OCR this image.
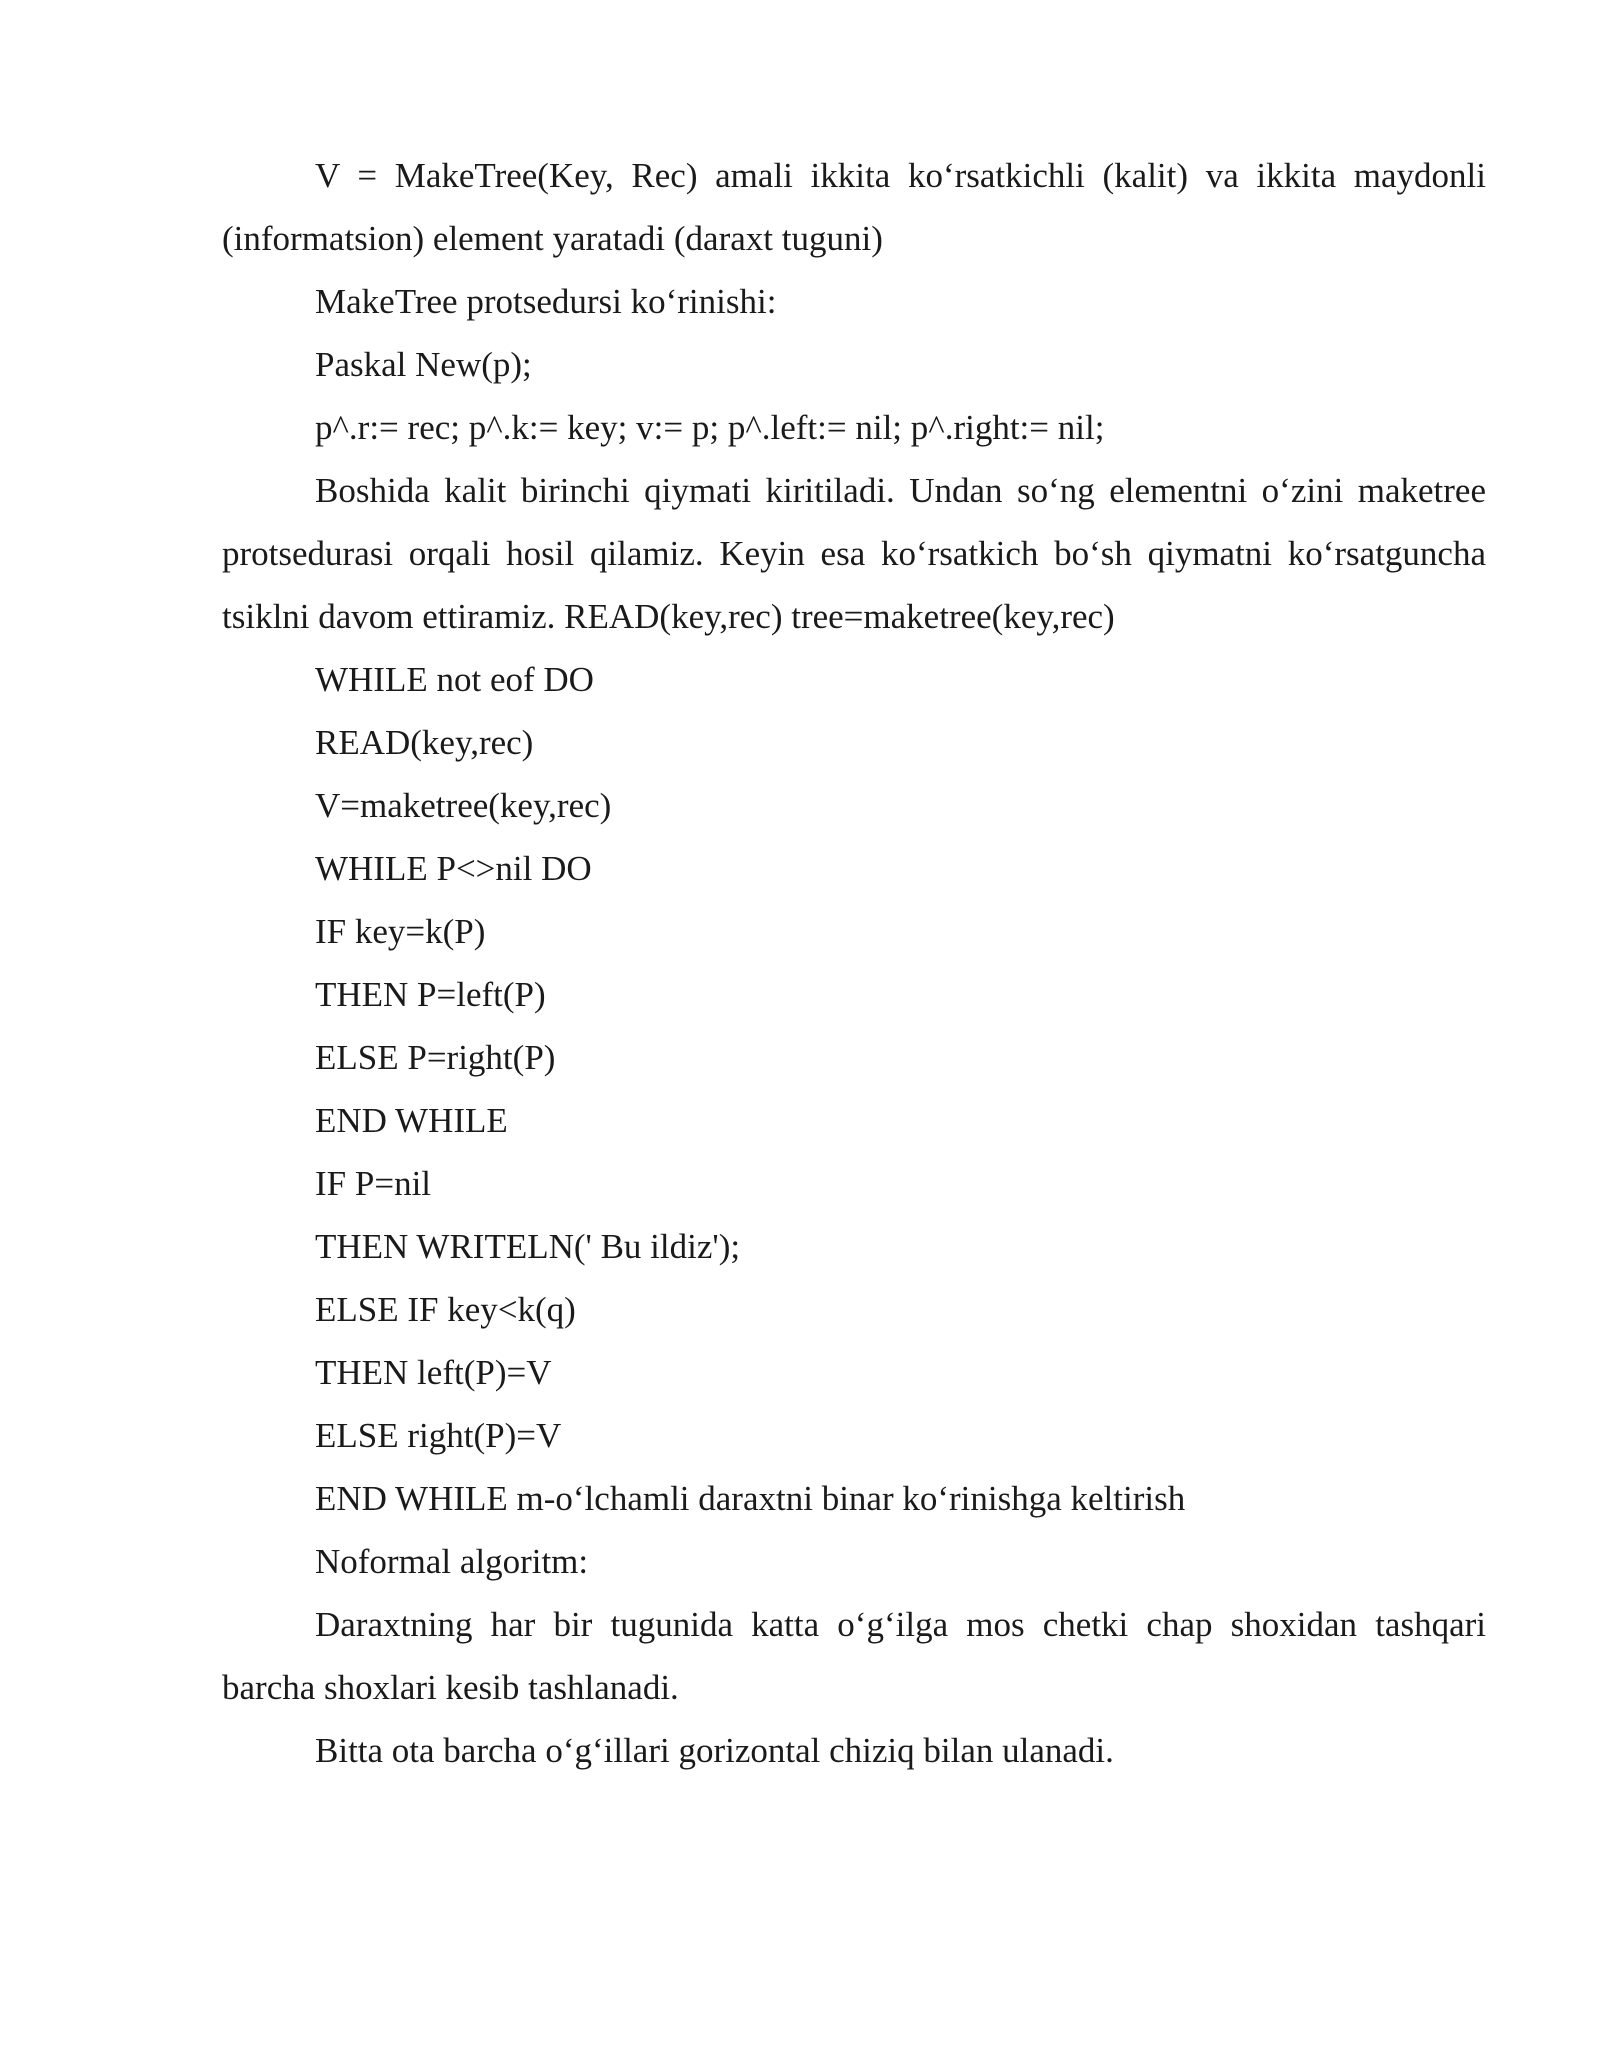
V = MakeTree(Key, Rec) amali ikkita ko‘rsatkichli (kalit) va ikkita maydonli (informatsion) element yaratadi (daraxt tuguni)

MakeTree protsedursi ko‘rinishi:

Paskal New(p);

p^.r:= rec; p^.k:= key; v:= p; p^.left:= nil; p^.right:= nil;

Boshida kalit birinchi qiymati kiritiladi. Undan so‘ng elementni o‘zini maketree protsedurasi orqali hosil qilamiz. Keyin esa ko‘rsatkich bo‘sh qiymatni ko‘rsatguncha tsiklni davom ettiramiz. READ(key,rec) tree=maketree(key,rec)

WHILE not eof DO

READ(key,rec)

V=maketree(key,rec)

WHILE P<>nil DO

IF key=k(P)

THEN P=left(P)

ELSE P=right(P)

END WHILE

IF P=nil

THEN WRITELN(' Bu ildiz');

ELSE IF key<k(q)

THEN left(P)=V

ELSE right(P)=V

END WHILE m-o‘lchamli daraxtni binar ko‘rinishga keltirish

Noformal algoritm:

Daraxtning har bir tugunida katta o‘g‘ilga mos chetki chap shoxidan tashqari barcha shoxlari kesib tashlanadi.

Bitta ota barcha o‘g‘illari gorizontal chiziq bilan ulanadi.
